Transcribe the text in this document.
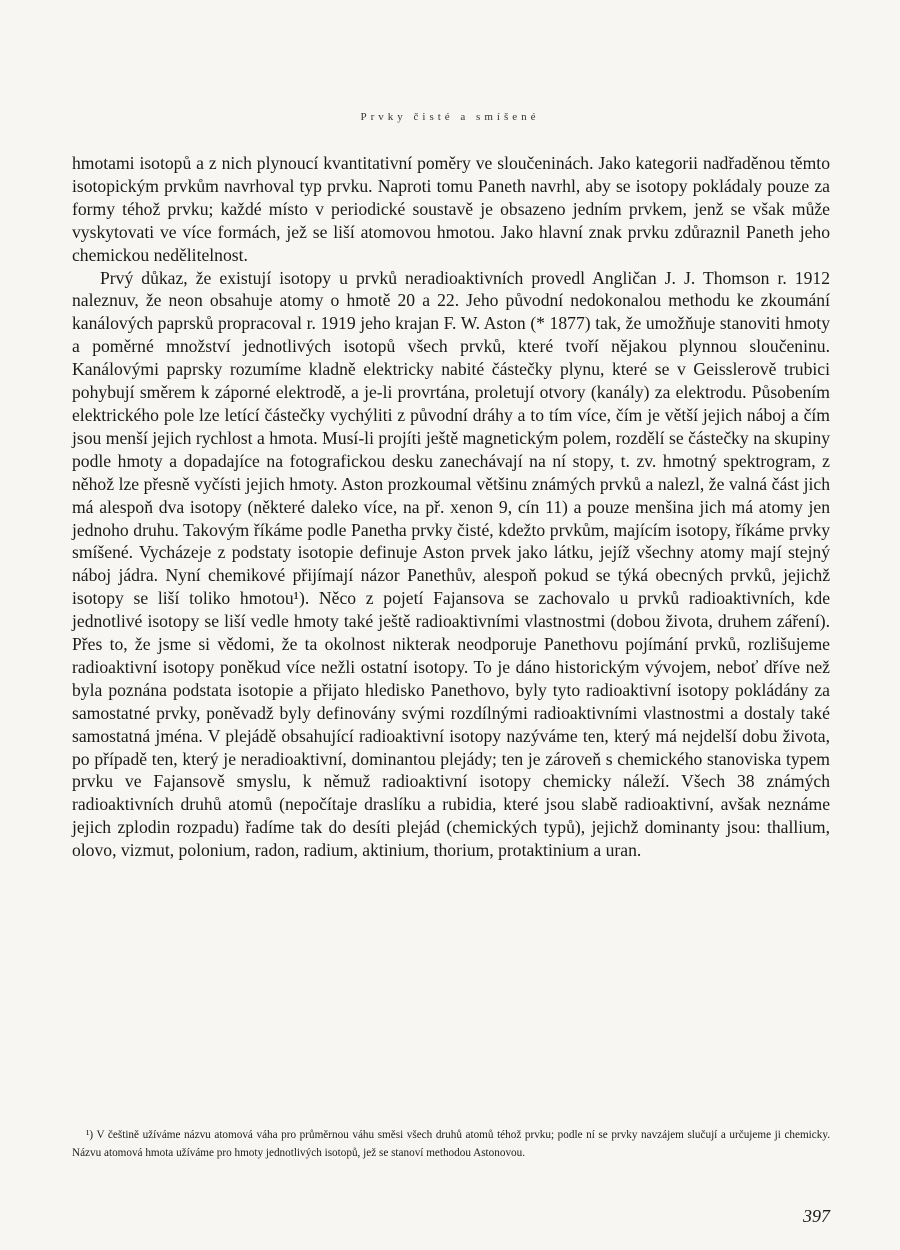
Prvky čisté a smíšené

hmotami isotopů a z nich plynoucí kvantitativní poměry ve sloučeninách. Jako kategorii nadřaděnou těmto isotopickým prvkům navrhoval typ prvku. Naproti tomu Paneth navrhl, aby se isotopy pokládaly pouze za formy téhož prvku; každé místo v periodické soustavě je obsazeno jedním prvkem, jenž se však může vyskytovati ve více formách, jež se liší atomovou hmotou. Jako hlavní znak prvku zdůraznil Paneth jeho chemickou nedělitelnost.

Prvý důkaz, že existují isotopy u prvků neradioaktivních provedl Angličan J. J. Thomson r. 1912 naleznuv, že neon obsahuje atomy o hmotě 20 a 22. Jeho původní nedokonalou methodu ke zkoumání kanálových paprsků propracoval r. 1919 jeho krajan F. W. Aston (* 1877) tak, že umožňuje stanoviti hmoty a poměrné množství jednotlivých isotopů všech prvků, které tvoří nějakou plynnou sloučeninu. Kanálovými paprsky rozumíme kladně elektricky nabité částečky plynu, které se v Geisslerově trubici pohybují směrem k záporné elektrodě, a je-li provrtána, proletují otvory (kanály) za elektrodu. Působením elektrického pole lze letící částečky vychýliti z původní dráhy a to tím více, čím je větší jejich náboj a čím jsou menší jejich rychlost a hmota. Musí-li projíti ještě magnetickým polem, rozdělí se částečky na skupiny podle hmoty a dopadajíce na fotografickou desku zanechávají na ní stopy, t. zv. hmotný spektrogram, z něhož lze přesně vyčísti jejich hmoty. Aston prozkoumal většinu známých prvků a nalezl, že valná část jich má alespoň dva isotopy (některé daleko více, na př. xenon 9, cín 11) a pouze menšina jich má atomy jen jednoho druhu. Takovým říkáme podle Panetha prvky čisté, kdežto prvkům, majícím isotopy, říkáme prvky smíšené. Vycházeje z podstaty isotopie definuje Aston prvek jako látku, jejíž všechny atomy mají stejný náboj jádra. Nyní chemikové přijímají názor Panethův, alespoň pokud se týká obecných prvků, jejichž isotopy se liší toliko hmotou¹). Něco z pojetí Fajansova se zachovalo u prvků radioaktivních, kde jednotlivé isotopy se liší vedle hmoty také ještě radioaktivními vlastnostmi (dobou života, druhem záření). Přes to, že jsme si vědomi, že ta okolnost nikterak neodporuje Panethovu pojímání prvků, rozlišujeme radioaktivní isotopy poněkud více nežli ostatní isotopy. To je dáno historickým vývojem, neboť dříve než byla poznána podstata isotopie a přijato hledisko Panethovo, byly tyto radioaktivní isotopy pokládány za samostatné prvky, poněvadž byly definovány svými rozdílnými radioaktivními vlastnostmi a dostaly také samostatná jména. V plejádě obsahující radioaktivní isotopy nazýváme ten, který má nejdelší dobu života, po případě ten, který je neradioaktivní, dominantou plejády; ten je zároveň s chemického stanoviska typem prvku ve Fajansově smyslu, k němuž radioaktivní isotopy chemicky náleží. Všech 38 známých radioaktivních druhů atomů (nepočítaje draslíku a rubidia, které jsou slabě radioaktivní, avšak neznáme jejich zplodin rozpadu) řadíme tak do desíti plejád (chemických typů), jejichž dominanty jsou: thallium, olovo, vizmut, polonium, radon, radium, aktinium, thorium, protaktinium a uran.

¹) V češtině užíváme názvu atomová váha pro průměrnou váhu směsi všech druhů atomů téhož prvku; podle ní se prvky navzájem slučují a určujeme ji chemicky. Názvu atomová hmota užíváme pro hmoty jednotlivých isotopů, jež se stanoví methodou Astonovou.

397
